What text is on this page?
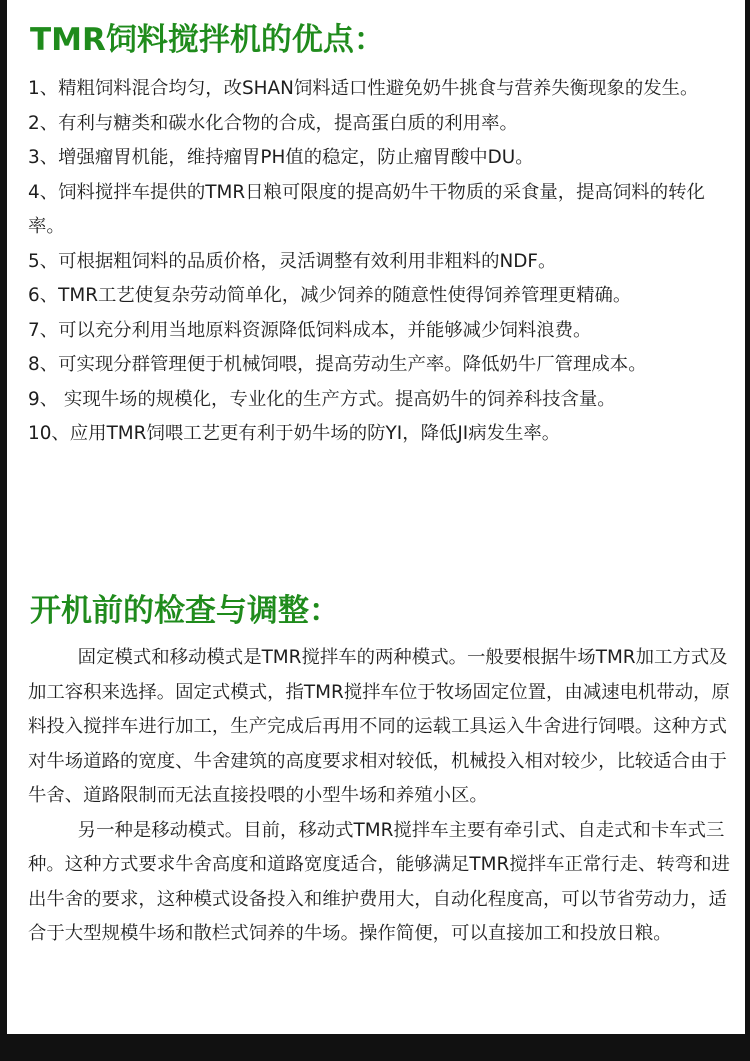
TMR饲料搅拌机的优点：
1、精粗饲料混合均匀，改SHAN饲料适口性避免奶牛挑食与营养失衡现象的发生。
2、有利与糖类和碳水化合物的合成，提高蛋白质的利用率。
3、增强瘤胃机能，维持瘤胃PH值的稳定，防止瘤胃酸中DU。
4、饲料搅拌车提供的TMR日粮可限度的提高奶牛干物质的采食量，提高饲料的转化率。
5、可根据粗饲料的品质价格，灵活调整有效利用非粗料的NDF。
6、TMR工艺使复杂劳动简单化，减少饲养的随意性使得饲养管理更精确。
7、可以充分利用当地原料资源降低饲料成本，并能够减少饲料浪费。
8、可实现分群管理便于机械饲喂，提高劳动生产率。降低奶牛厂管理成本。
9、 实现牛场的规模化，专业化的生产方式。提高奶牛的饲养科技含量。
10、应用TMR饲喂工艺更有利于奶牛场的防YI，降低JI病发生率。
开机前的检查与调整：

固定模式和移动模式是TMR搅拌车的两种模式。一般要根据牛场TMR加工方式及加工容积来选择。固定式模式，指TMR搅拌车位于牧场固定位置，由减速电机带动，原料投入搅拌车进行加工，生产完成后再用不同的运载工具运入牛舍进行饲喂。这种方式对牛场道路的宽度、牛舍建筑的高度要求相对较低，机械投入相对较少，比较适合由于牛舍、道路限制而无法直接投喂的小型牛场和养殖小区。

另一种是移动模式。目前，移动式TMR搅拌车主要有牵引式、自走式和卡车式三种。这种方式要求牛舍高度和道路宽度适合，能够满足TMR搅拌车正常行走、转弯和进出牛舍的要求，这种模式设备投入和维护费用大，自动化程度高，可以节省劳动力，适合于大型规模牛场和散栏式饲养的牛场。操作简便，可以直接加工和投放日粮。
